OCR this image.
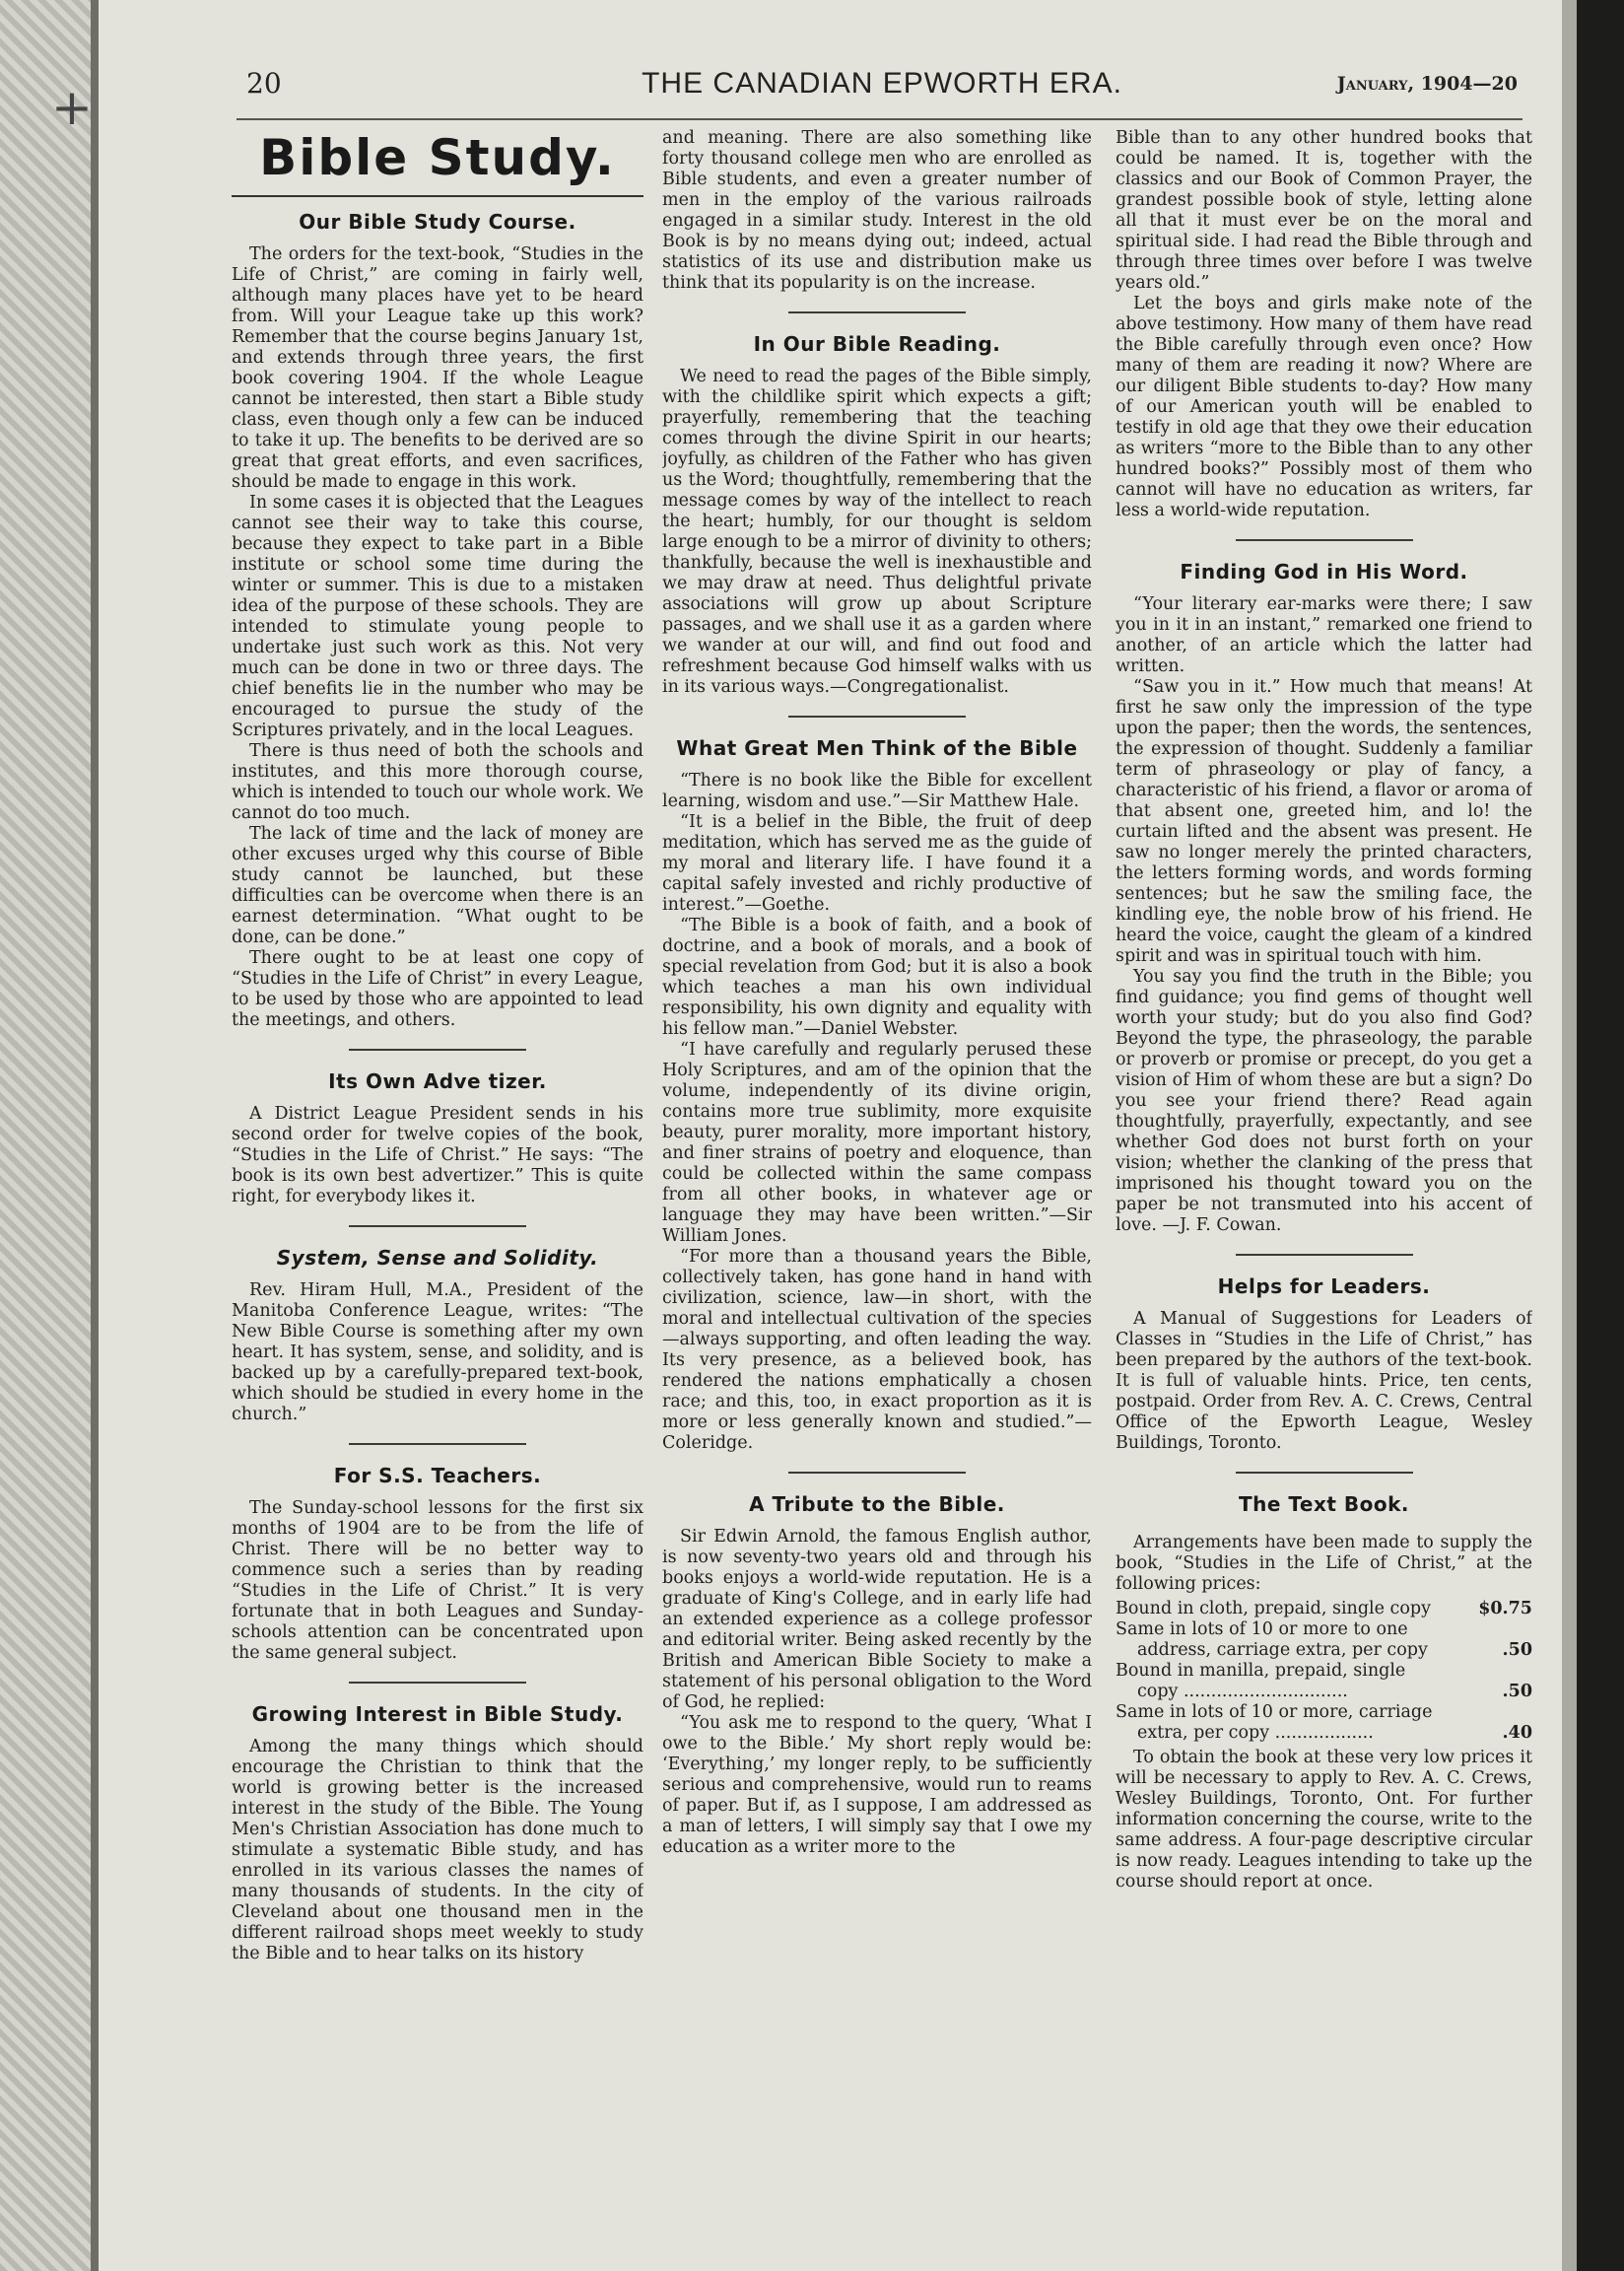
+	20	THE CANADIAN EPWORTH ERA.	January, 1904—20
Bible Study.
Our Bible Study Course.

The orders for the text-book, “Studies in the Life of Christ,” are coming in fairly well, although many places have yet to be heard from. Will your League take up this work? Remember that the course begins January 1st, and extends through three years, the first book covering 1904. If the whole League cannot be interested, then start a Bible study class, even though only a few can be induced to take it up. The benefits to be derived are so great that great efforts, and even sacrifices, should be made to engage in this work.

In some cases it is objected that the Leagues cannot see their way to take this course, because they expect to take part in a Bible institute or school some time during the winter or summer. This is due to a mistaken idea of the purpose of these schools. They are intended to stimulate young people to undertake just such work as this. Not very much can be done in two or three days. The chief benefits lie in the number who may be encouraged to pursue the study of the Scriptures privately, and in the local Leagues.

There is thus need of both the schools and institutes, and this more thorough course, which is intended to touch our whole work. We cannot do too much.

The lack of time and the lack of money are other excuses urged why this course of Bible study cannot be launched, but these difficulties can be overcome when there is an earnest determination. “What ought to be done, can be done.”

There ought to be at least one copy of “Studies in the Life of Christ” in every League, to be used by those who are appointed to lead the meetings, and others.

Its Own Adve tizer.

A District League President sends in his second order for twelve copies of the book, “Studies in the Life of Christ.” He says: “The book is its own best advertizer.” This is quite right, for everybody likes it.

System, Sense and Solidity.

Rev. Hiram Hull, M.A., President of the Manitoba Conference League, writes: “The New Bible Course is something after my own heart. It has system, sense, and solidity, and is backed up by a carefully-prepared text-book, which should be studied in every home in the church.”

For S.S. Teachers.

The Sunday-school lessons for the first six months of 1904 are to be from the life of Christ. There will be no better way to commence such a series than by reading “Studies in the Life of Christ.” It is very fortunate that in both Leagues and Sunday-schools attention can be concentrated upon the same general subject.

Growing Interest in Bible Study.

Among the many things which should encourage the Christian to think that the world is growing better is the increased interest in the study of the Bible. The Young Men's Christian Association has done much to stimulate a systematic Bible study, and has enrolled in its various classes the names of many thousands of students. In the city of Cleveland about one thousand men in the different railroad shops meet weekly to study the Bible and to hear talks on its history

and meaning. There are also something like forty thousand college men who are enrolled as Bible students, and even a greater number of men in the employ of the various railroads engaged in a similar study. Interest in the old Book is by no means dying out; indeed, actual statistics of its use and distribution make us think that its popularity is on the increase.

In Our Bible Reading.

We need to read the pages of the Bible simply, with the childlike spirit which expects a gift; prayerfully, remembering that the teaching comes through the divine Spirit in our hearts; joyfully, as children of the Father who has given us the Word; thoughtfully, remembering that the message comes by way of the intellect to reach the heart; humbly, for our thought is seldom large enough to be a mirror of divinity to others; thankfully, because the well is inexhaustible and we may draw at need. Thus delightful private associations will grow up about Scripture passages, and we shall use it as a garden where we wander at our will, and find out food and refreshment because God himself walks with us in its various ways.—Congregationalist.

What Great Men Think of the Bible

“There is no book like the Bible for excellent learning, wisdom and use.”—Sir Matthew Hale.

“It is a belief in the Bible, the fruit of deep meditation, which has served me as the guide of my moral and literary life. I have found it a capital safely invested and richly productive of interest.”—Goethe.

“The Bible is a book of faith, and a book of doctrine, and a book of morals, and a book of special revelation from God; but it is also a book which teaches a man his own individual responsibility, his own dignity and equality with his fellow man.”—Daniel Webster.

“I have carefully and regularly perused these Holy Scriptures, and am of the opinion that the volume, independently of its divine origin, contains more true sublimity, more exquisite beauty, purer morality, more important history, and finer strains of poetry and eloquence, than could be collected within the same compass from all other books, in whatever age or language they may have been written.”—Sir William Jones.

“For more than a thousand years the Bible, collectively taken, has gone hand in hand with civilization, science, law—in short, with the moral and intellectual cultivation of the species—always supporting, and often leading the way. Its very presence, as a believed book, has rendered the nations emphatically a chosen race; and this, too, in exact proportion as it is more or less generally known and studied.”—Coleridge.

A Tribute to the Bible.

Sir Edwin Arnold, the famous English author, is now seventy-two years old and through his books enjoys a world-wide reputation. He is a graduate of King's College, and in early life had an extended experience as a college professor and editorial writer. Being asked recently by the British and American Bible Society to make a statement of his personal obligation to the Word of God, he replied:

“You ask me to respond to the query, ‘What I owe to the Bible.’ My short reply would be: ‘Everything,’ my longer reply, to be sufficiently serious and comprehensive, would run to reams of paper. But if, as I suppose, I am addressed as a man of letters, I will simply say that I owe my education as a writer more to the

Bible than to any other hundred books that could be named. It is, together with the classics and our Book of Common Prayer, the grandest possible book of style, letting alone all that it must ever be on the moral and spiritual side. I had read the Bible through and through three times over before I was twelve years old.”

Let the boys and girls make note of the above testimony. How many of them have read the Bible carefully through even once? How many of them are reading it now? Where are our diligent Bible students to-day? How many of our American youth will be enabled to testify in old age that they owe their education as writers “more to the Bible than to any other hundred books?” Possibly most of them who cannot will have no education as writers, far less a world-wide reputation.

Finding God in His Word.

“Your literary ear-marks were there; I saw you in it in an instant,” remarked one friend to another, of an article which the latter had written.

“Saw you in it.” How much that means! At first he saw only the impression of the type upon the paper; then the words, the sentences, the expression of thought. Suddenly a familiar term of phraseology or play of fancy, a characteristic of his friend, a flavor or aroma of that absent one, greeted him, and lo! the curtain lifted and the absent was present. He saw no longer merely the printed characters, the letters forming words, and words forming sentences; but he saw the smiling face, the kindling eye, the noble brow of his friend. He heard the voice, caught the gleam of a kindred spirit and was in spiritual touch with him.

You say you find the truth in the Bible; you find guidance; you find gems of thought well worth your study; but do you also find God? Beyond the type, the phraseology, the parable or proverb or promise or precept, do you get a vision of Him of whom these are but a sign? Do you see your friend there? Read again thoughtfully, prayerfully, expectantly, and see whether God does not burst forth on your vision; whether the clanking of the press that imprisoned his thought toward you on the paper be not transmuted into his accent of love. —J. F. Cowan.

Helps for Leaders.

A Manual of Suggestions for Leaders of Classes in “Studies in the Life of Christ,” has been prepared by the authors of the text-book. It is full of valuable hints. Price, ten cents, postpaid. Order from Rev. A. C. Crews, Central Office of the Epworth League, Wesley Buildings, Toronto.

The Text Book.

Arrangements have been made to supply the book, “Studies in the Life of Christ,” at the following prices:

Bound in cloth, prepaid, single copy	$0.75
Same in lots of 10 or more to one	
address, carriage extra, per copy	.50
Bound in manilla, prepaid, single	
copy ..............................	.50
Same in lots of 10 or more, carriage	
extra, per copy ..................	.40

To obtain the book at these very low prices it will be necessary to apply to Rev. A. C. Crews, Wesley Buildings, Toronto, Ont. For further information concerning the course, write to the same address. A four-page descriptive circular is now ready. Leagues intending to take up the course should report at once.
